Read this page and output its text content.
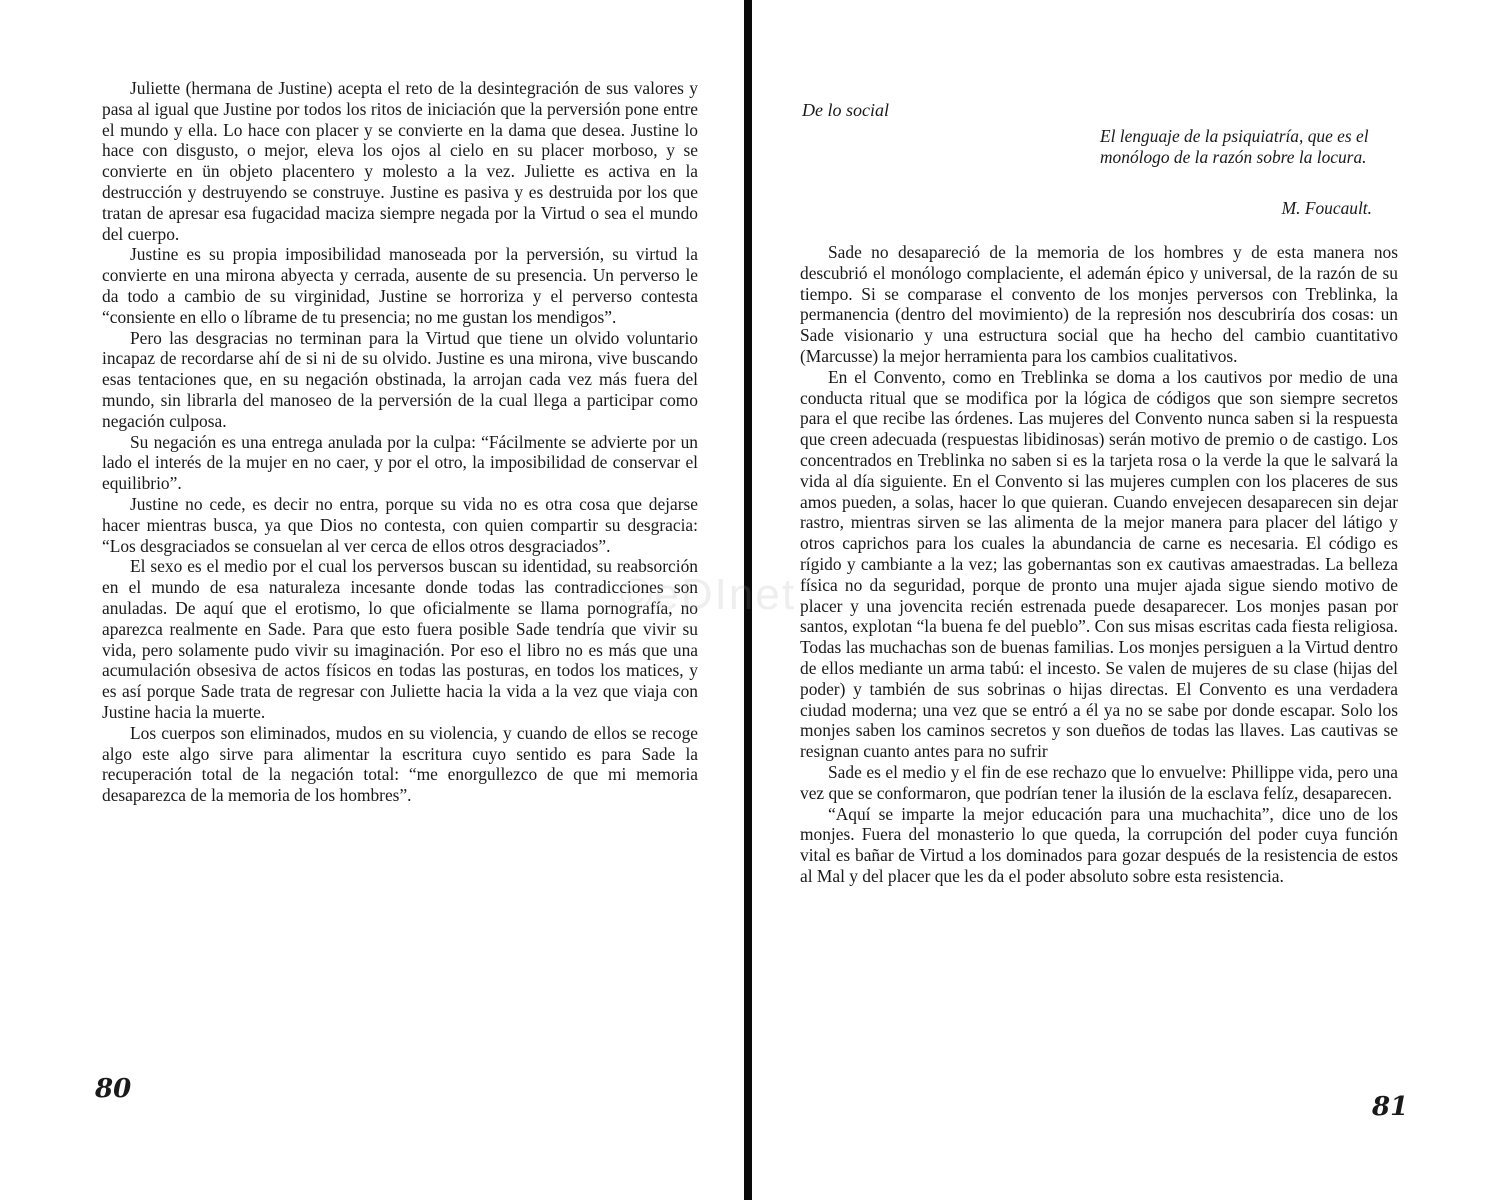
Juliette (hermana de Justine) acepta el reto de la desintegración de sus valores y pasa al igual que Justine por todos los ritos de iniciación que la perversión pone entre el mundo y ella. Lo hace con placer y se convierte en la dama que desea. Justine lo hace con disgusto, o mejor, eleva los ojos al cielo en su placer morboso, y se convierte en ün objeto placentero y molesto a la vez. Juliette es activa en la destrucción y destruyendo se construye. Justine es pasiva y es destruida por los que tratan de apresar esa fugacidad maciza siempre negada por la Virtud o sea el mundo del cuerpo.

Justine es su propia imposibilidad manoseada por la perversión, su virtud la convierte en una mirona abyecta y cerrada, ausente de su presencia. Un perverso le da todo a cambio de su virginidad, Justine se horroriza y el perverso contesta “consiente en ello o líbrame de tu presencia; no me gustan los mendigos”.

Pero las desgracias no terminan para la Virtud que tiene un olvido voluntario incapaz de recordarse ahí de si ni de su olvido. Justine es una mirona, vive buscando esas tentaciones que, en su negación obstinada, la arrojan cada vez más fuera del mundo, sin librarla del manoseo de la perversión de la cual llega a participar como negación culposa.

Su negación es una entrega anulada por la culpa: “Fácilmente se advierte por un lado el interés de la mujer en no caer, y por el otro, la imposibilidad de conservar el equilibrio”.

Justine no cede, es decir no entra, porque su vida no es otra cosa que dejarse hacer mientras busca, ya que Dios no contesta, con quien compartir su desgracia: “Los desgraciados se consuelan al ver cerca de ellos otros desgraciados”.

El sexo es el medio por el cual los perversos buscan su identidad, su reabsorción en el mundo de esa naturaleza incesante donde todas las contradicciones son anuladas. De aquí que el erotismo, lo que oficialmente se llama pornografía, no aparezca realmente en Sade. Para que esto fuera posible Sade tendría que vivir su vida, pero solamente pudo vivir su imaginación. Por eso el libro no es más que una acumulación obsesiva de actos físicos en todas las posturas, en todos los matices, y es así porque Sade trata de regresar con Juliette hacia la vida a la vez que viaja con Justine hacia la muerte.

Los cuerpos son eliminados, mudos en su violencia, y cuando de ellos se recoge algo este algo sirve para alimentar la escritura cuyo sentido es para Sade la recuperación total de la negación total: “me enorgullezco de que mi memoria desaparezca de la memoria de los hombres”.

80
De lo social
El lenguaje de la psiquiatría, que es el monólogo de la razón sobre la locura.
M. Foucault.

Sade no desapareció de la memoria de los hombres y de esta manera nos descubrió el monólogo complaciente, el ademán épico y universal, de la razón de su tiempo. Si se comparase el convento de los monjes perversos con Treblinka, la permanencia (dentro del movimiento) de la represión nos descubriría dos cosas: un Sade visionario y una estructura social que ha hecho del cambio cuantitativo (Marcusse) la mejor herramienta para los cambios cualitativos.

En el Convento, como en Treblinka se doma a los cautivos por medio de una conducta ritual que se modifica por la lógica de códigos que son siempre secretos para el que recibe las órdenes. Las mujeres del Convento nunca saben si la respuesta que creen adecuada (respuestas libidinosas) serán motivo de premio o de castigo. Los concentrados en Treblinka no saben si es la tarjeta rosa o la verde la que le salvará la vida al día siguiente. En el Convento si las mujeres cumplen con los placeres de sus amos pueden, a solas, hacer lo que quieran. Cuando envejecen desaparecen sin dejar rastro, mientras sirven se las alimenta de la mejor manera para placer del látigo y otros caprichos para los cuales la abundancia de carne es necesaria. El código es rígido y cambiante a la vez; las gobernantas son ex cautivas amaestradas. La belleza física no da seguridad, porque de pronto una mujer ajada sigue siendo motivo de placer y una jovencita recién estrenada puede desaparecer. Los monjes pasan por santos, explotan “la buena fe del pueblo”. Con sus misas escritas cada fiesta religiosa. Todas las muchachas son de buenas familias. Los monjes persiguen a la Virtud dentro de ellos mediante un arma tabú: el incesto. Se valen de mujeres de su clase (hijas del poder) y también de sus sobrinas o hijas directas. El Convento es una verdadera ciudad moderna; una vez que se entró a él ya no se sabe por donde escapar. Solo los monjes saben los caminos secretos y son dueños de todas las llaves. Las cautivas se resignan cuanto antes para no sufrir

Sade es el medio y el fin de ese rechazo que lo envuelve: Phillippe vida, pero una vez que se conformaron, que podrían tener la ilusión de la esclava felíz, desaparecen.

“Aquí se imparte la mejor educación para una muchachita”, dice uno de los monjes. Fuera del monasterio lo que queda, la corrupción del poder cuya función vital es bañar de Virtud a los dominados para gozar después de la resistencia de estos al Mal y del placer que les da el poder absoluto sobre esta resistencia.

81
©eDInet
